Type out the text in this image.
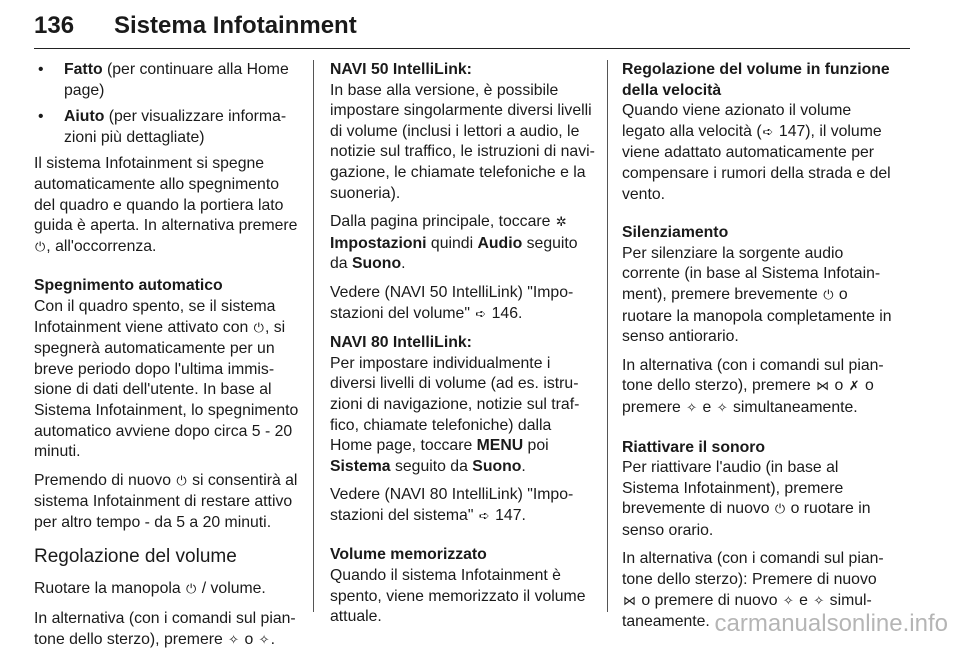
136 Sistema Infotainment
• Fatto (per continuare alla Home page)
• Aiuto (per visualizzare informazioni più dettagliate)

Il sistema Infotainment si spegne automaticamente allo spegnimento del quadro e quando la portiera lato guida è aperta. In alternativa premere ⏻, all'occorrenza.

Spegnimento automatico

Con il quadro spento, se il sistema Infotainment viene attivato con ⏻, si spegnerà automaticamente per un breve periodo dopo l'ultima immissione di dati dell'utente. In base al Sistema Infotainment, lo spegnimento automatico avviene dopo circa 5 - 20 minuti.

Premendo di nuovo ⏻ si consentirà al sistema Infotainment di restare attivo per altro tempo - da 5 a 20 minuti.

Regolazione del volume

Ruotare la manopola ⏻ / volume.

In alternativa (con i comandi sul piantone dello sterzo), premere ✧ o ✧.

NAVI 50 IntelliLink:

In base alla versione, è possibile impostare singolarmente diversi livelli di volume (inclusi i lettori a audio, le notizie sul traffico, le istruzioni di navigazione, le chiamate telefoniche e la suoneria).

Dalla pagina principale, toccare ✲Impostazioni quindi Audio seguito da Suono.

Vedere (NAVI 50 IntelliLink) "Impostazioni del volume" ➪ 146.

NAVI 80 IntelliLink:

Per impostare individualmente i diversi livelli di volume (ad es. istruzioni di navigazione, notizie sul traffico, chiamate telefoniche) dalla Home page, toccare MENU poi Sistema seguito da Suono.

Vedere (NAVI 80 IntelliLink) "Impostazioni del sistema" ➪ 147.

Volume memorizzato

Quando il sistema Infotainment è spento, viene memorizzato il volume attuale.

Regolazione del volume in funzione della velocità

Quando viene azionato il volume legato alla velocità (➪ 147), il volume viene adattato automaticamente per compensare i rumori della strada e del vento.

Silenziamento

Per silenziare la sorgente audio corrente (in base al Sistema Infotainment), premere brevemente ⏻ o ruotare la manopola completamente in senso antiorario.

In alternativa (con i comandi sul piantone dello sterzo), premere ⋈ o ✗ o premere ✧ e ✧ simultaneamente.

Riattivare il sonoro

Per riattivare l'audio (in base al Sistema Infotainment), premere brevemente di nuovo ⏻ o ruotare in senso orario.

In alternativa (con i comandi sul piantone dello sterzo): Premere di nuovo ⋈ o premere di nuovo ✧ e ✧ simultaneamente. carmanualsonline.info
